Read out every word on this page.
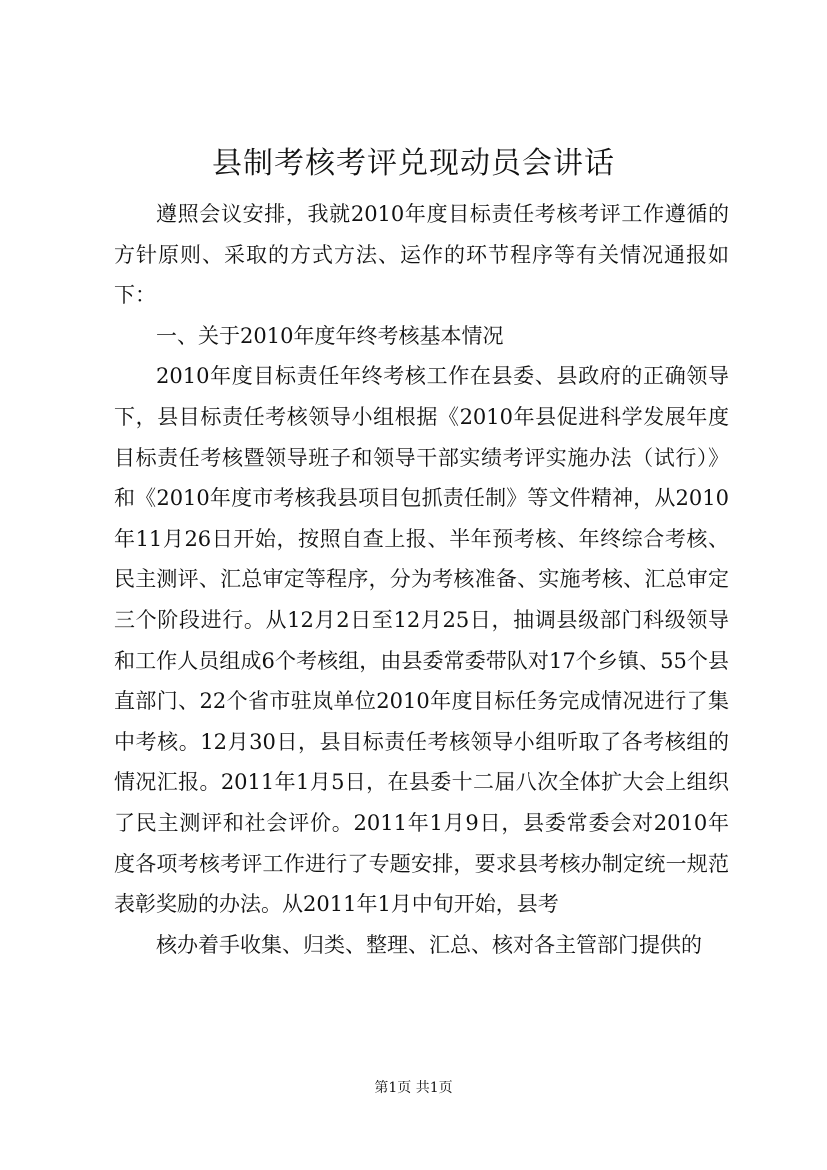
县制考核考评兑现动员会讲话

遵照会议安排，我就2010年度目标责任考核考评工作遵循的方针原则、采取的方式方法、运作的环节程序等有关情况通报如下：

一、关于2010年度年终考核基本情况

2010年度目标责任年终考核工作在县委、县政府的正确领导下，县目标责任考核领导小组根据《2010年县促进科学发展年度目标责任考核暨领导班子和领导干部实绩考评实施办法（试行）》和《2010年度市考核我县项目包抓责任制》等文件精神，从2010年11月26日开始，按照自查上报、半年预考核、年终综合考核、民主测评、汇总审定等程序，分为考核准备、实施考核、汇总审定三个阶段进行。从12月2日至12月25日，抽调县级部门科级领导和工作人员组成6个考核组，由县委常委带队对17个乡镇、55个县直部门、22个省市驻岚单位2010年度目标任务完成情况进行了集中考核。12月30日，县目标责任考核领导小组听取了各考核组的情况汇报。2011年1月5日，在县委十二届八次全体扩大会上组织了民主测评和社会评价。2011年1月9日，县委常委会对2010年度各项考核考评工作进行了专题安排，要求县考核办制定统一规范表彰奖励的办法。从2011年1月中旬开始，县考

核办着手收集、归类、整理、汇总、核对各主管部门提供的

第1页 共1页
